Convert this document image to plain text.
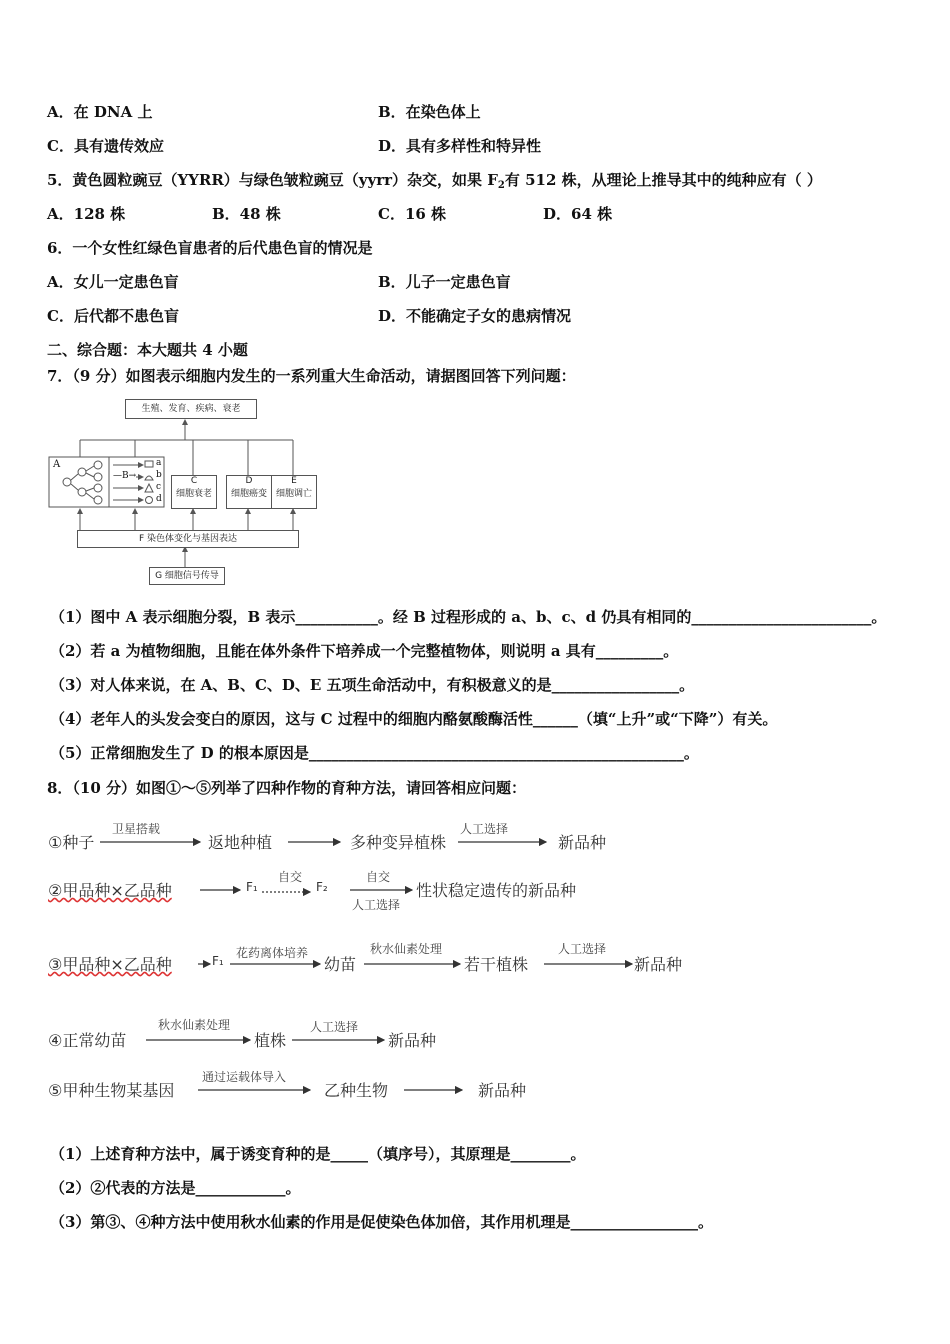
A．在 DNA 上	B．在染色体上
C．具有遗传效应	D．具有多样性和特异性
5．黄色圆粒豌豆（YYRR）与绿色皱粒豌豆（yyrr）杂交，如果 $F_2$有 512 株，从理论上推导其中的纯种应有（ ）
A．128 株	B．48 株	C．16 株	D．64 株
6．一个女性红绿色盲患者的后代患色盲的情况是
A．女儿一定患色盲	B．儿子一定患色盲
C．后代都不患色盲	D．不能确定子女的患病情况
二、综合题：本大题共 4 小题
7．（9 分）如图表示细胞内发生的一系列重大生命活动，请据图回答下列问题：
生殖、发育、疾病、衰老
A
—B→
a
b
c
d
C
细胞衰老
D
细胞癌变
E
细胞调亡
F 染色体变化与基因表达
G 细胞信号传导
（1）图中 A 表示细胞分裂，B 表示___________。经 B 过程形成的 a、b、c、d 仍具有相同的________________________。
（2）若 a 为植物细胞，且能在体外条件下培养成一个完整植物体，则说明 a 具有_________。
（3）对人体来说，在 A、B、C、D、E 五项生命活动中，有积极意义的是_________________。
（4）老年人的头发会变白的原因，这与 C 过程中的细胞内酪氨酸酶活性______（填“上升”或“下降”）有关。
（5）正常细胞发生了 D 的根本原因是__________________________________________________。
8．（10 分）如图①～⑤列举了四种作物的育种方法，请回答相应问题：
①种子
卫星搭载
返地种植	多种变异植株
人工选择
新品种
②甲品种×乙品种	F₁
自交
F₂
自交
人工选择
性状稳定遗传的新品种
③甲品种×乙品种	F₁
花药离体培养
幼苗
秋水仙素处理
若干植株
人工选择
新品种
④正常幼苗
秋水仙素处理
植株
人工选择
新品种
⑤甲种生物某基因
通过运载体导入
乙种生物	新品种
（1）上述育种方法中，属于诱变育种的是_____（填序号），其原理是________。
（2）②代表的方法是____________。
（3）第③、④种方法中使用秋水仙素的作用是促使染色体加倍，其作用机理是_________________。
